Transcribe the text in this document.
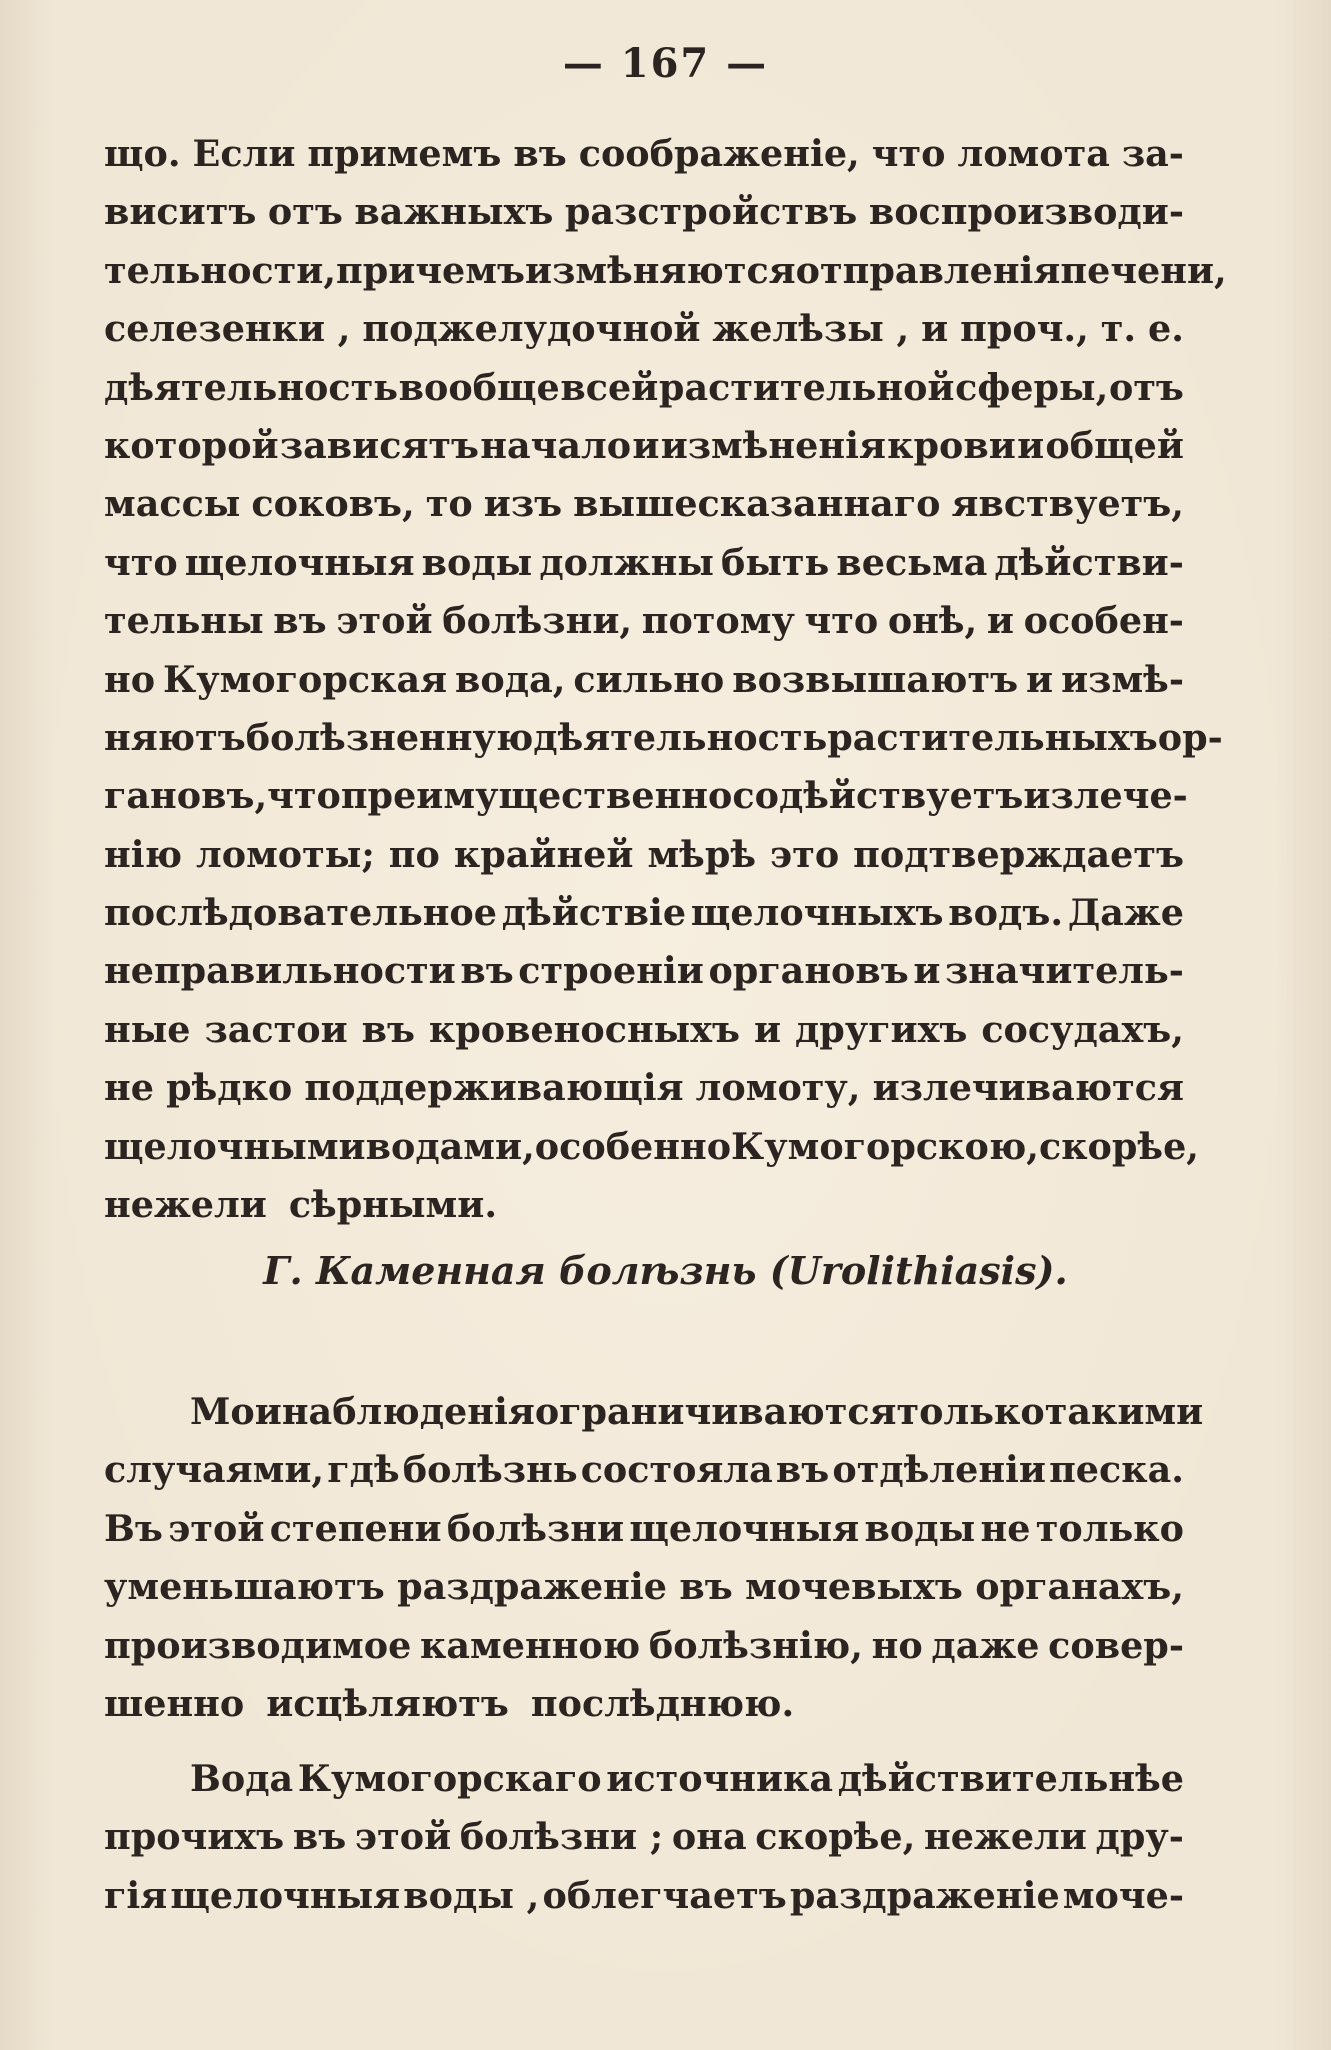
— 167 —
що. Если примемъ въ соображеніе, что ломота за-
виситъ отъ важныхъ разстройствъ воспроизводи-
тельности, при чемъ измѣняются отправленія печени,
селезенки , поджелудочной желѣзы , и проч., т. е.
дѣятельность вообще всей растительной сферы, отъ
которой зависятъ начало и измѣненія крови и общей
массы соковъ, то изъ вышесказаннаго явствуетъ,
что щелочныя воды должны быть весьма дѣйстви-
тельны въ этой болѣзни, потому что онѣ, и особен-
но Кумогорская вода, сильно возвышаютъ и измѣ-
няютъ болѣзненную дѣятельность растительныхъ ор-
гановъ, что преимущественно содѣйствуетъ излече-
нію ломоты; по крайней мѣрѣ это подтверждаетъ
послѣдовательное дѣйствіе щелочныхъ водъ. Даже
неправильности въ строеніи органовъ и значитель-
ные застои въ кровеносныхъ и другихъ сосудахъ,
не рѣдко поддерживающія ломоту, излечиваются
щелочными водами, особенно Кумогорскою, скорѣе,
нежели сѣрными.
Г. Каменная болѣзнь (Urolithiasis).
Мои наблюденія ограничиваются только такими
случаями, гдѣ болѣзнь состояла въ отдѣленіи песка.
Въ этой степени болѣзни щелочныя воды не только
уменьшаютъ раздраженіе въ мочевыхъ органахъ,
производимое каменною болѣзнію, но даже совер-
шенно исцѣляютъ послѣднюю.
Вода Кумогорскаго источника дѣйствительнѣе
прочихъ въ этой болѣзни ; она скорѣе, нежели дру-
гія щелочныя воды , облегчаетъ раздраженіе моче-
